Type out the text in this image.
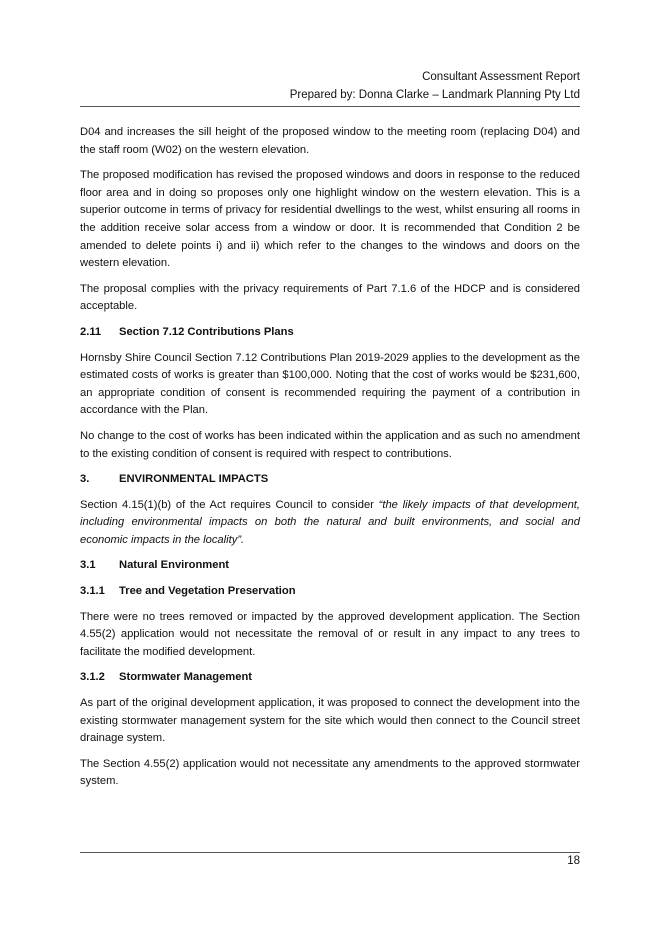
Consultant Assessment Report
Prepared by: Donna Clarke – Landmark Planning Pty Ltd

D04 and increases the sill height of the proposed window to the meeting room (replacing D04) and the staff room (W02) on the western elevation.

The proposed modification has revised the proposed windows and doors in response to the reduced floor area and in doing so proposes only one highlight window on the western elevation. This is a superior outcome in terms of privacy for residential dwellings to the west, whilst ensuring all rooms in the addition receive solar access from a window or door. It is recommended that Condition 2 be amended to delete points i) and ii) which refer to the changes to the windows and doors on the western elevation.

The proposal complies with the privacy requirements of Part 7.1.6 of the HDCP and is considered acceptable.

2.11	Section 7.12 Contributions Plans

Hornsby Shire Council Section 7.12 Contributions Plan 2019-2029 applies to the development as the estimated costs of works is greater than $100,000. Noting that the cost of works would be $231,600, an appropriate condition of consent is recommended requiring the payment of a contribution in accordance with the Plan.

No change to the cost of works has been indicated within the application and as such no amendment to the existing condition of consent is required with respect to contributions.

3.	ENVIRONMENTAL IMPACTS

Section 4.15(1)(b) of the Act requires Council to consider “the likely impacts of that development, including environmental impacts on both the natural and built environments, and social and economic impacts in the locality”.

3.1	Natural Environment
3.1.1	Tree and Vegetation Preservation

There were no trees removed or impacted by the approved development application. The Section 4.55(2) application would not necessitate the removal of or result in any impact to any trees to facilitate the modified development.

3.1.2	Stormwater Management

As part of the original development application, it was proposed to connect the development into the existing stormwater management system for the site which would then connect to the Council street drainage system.

The Section 4.55(2) application would not necessitate any amendments to the approved stormwater system.

18
